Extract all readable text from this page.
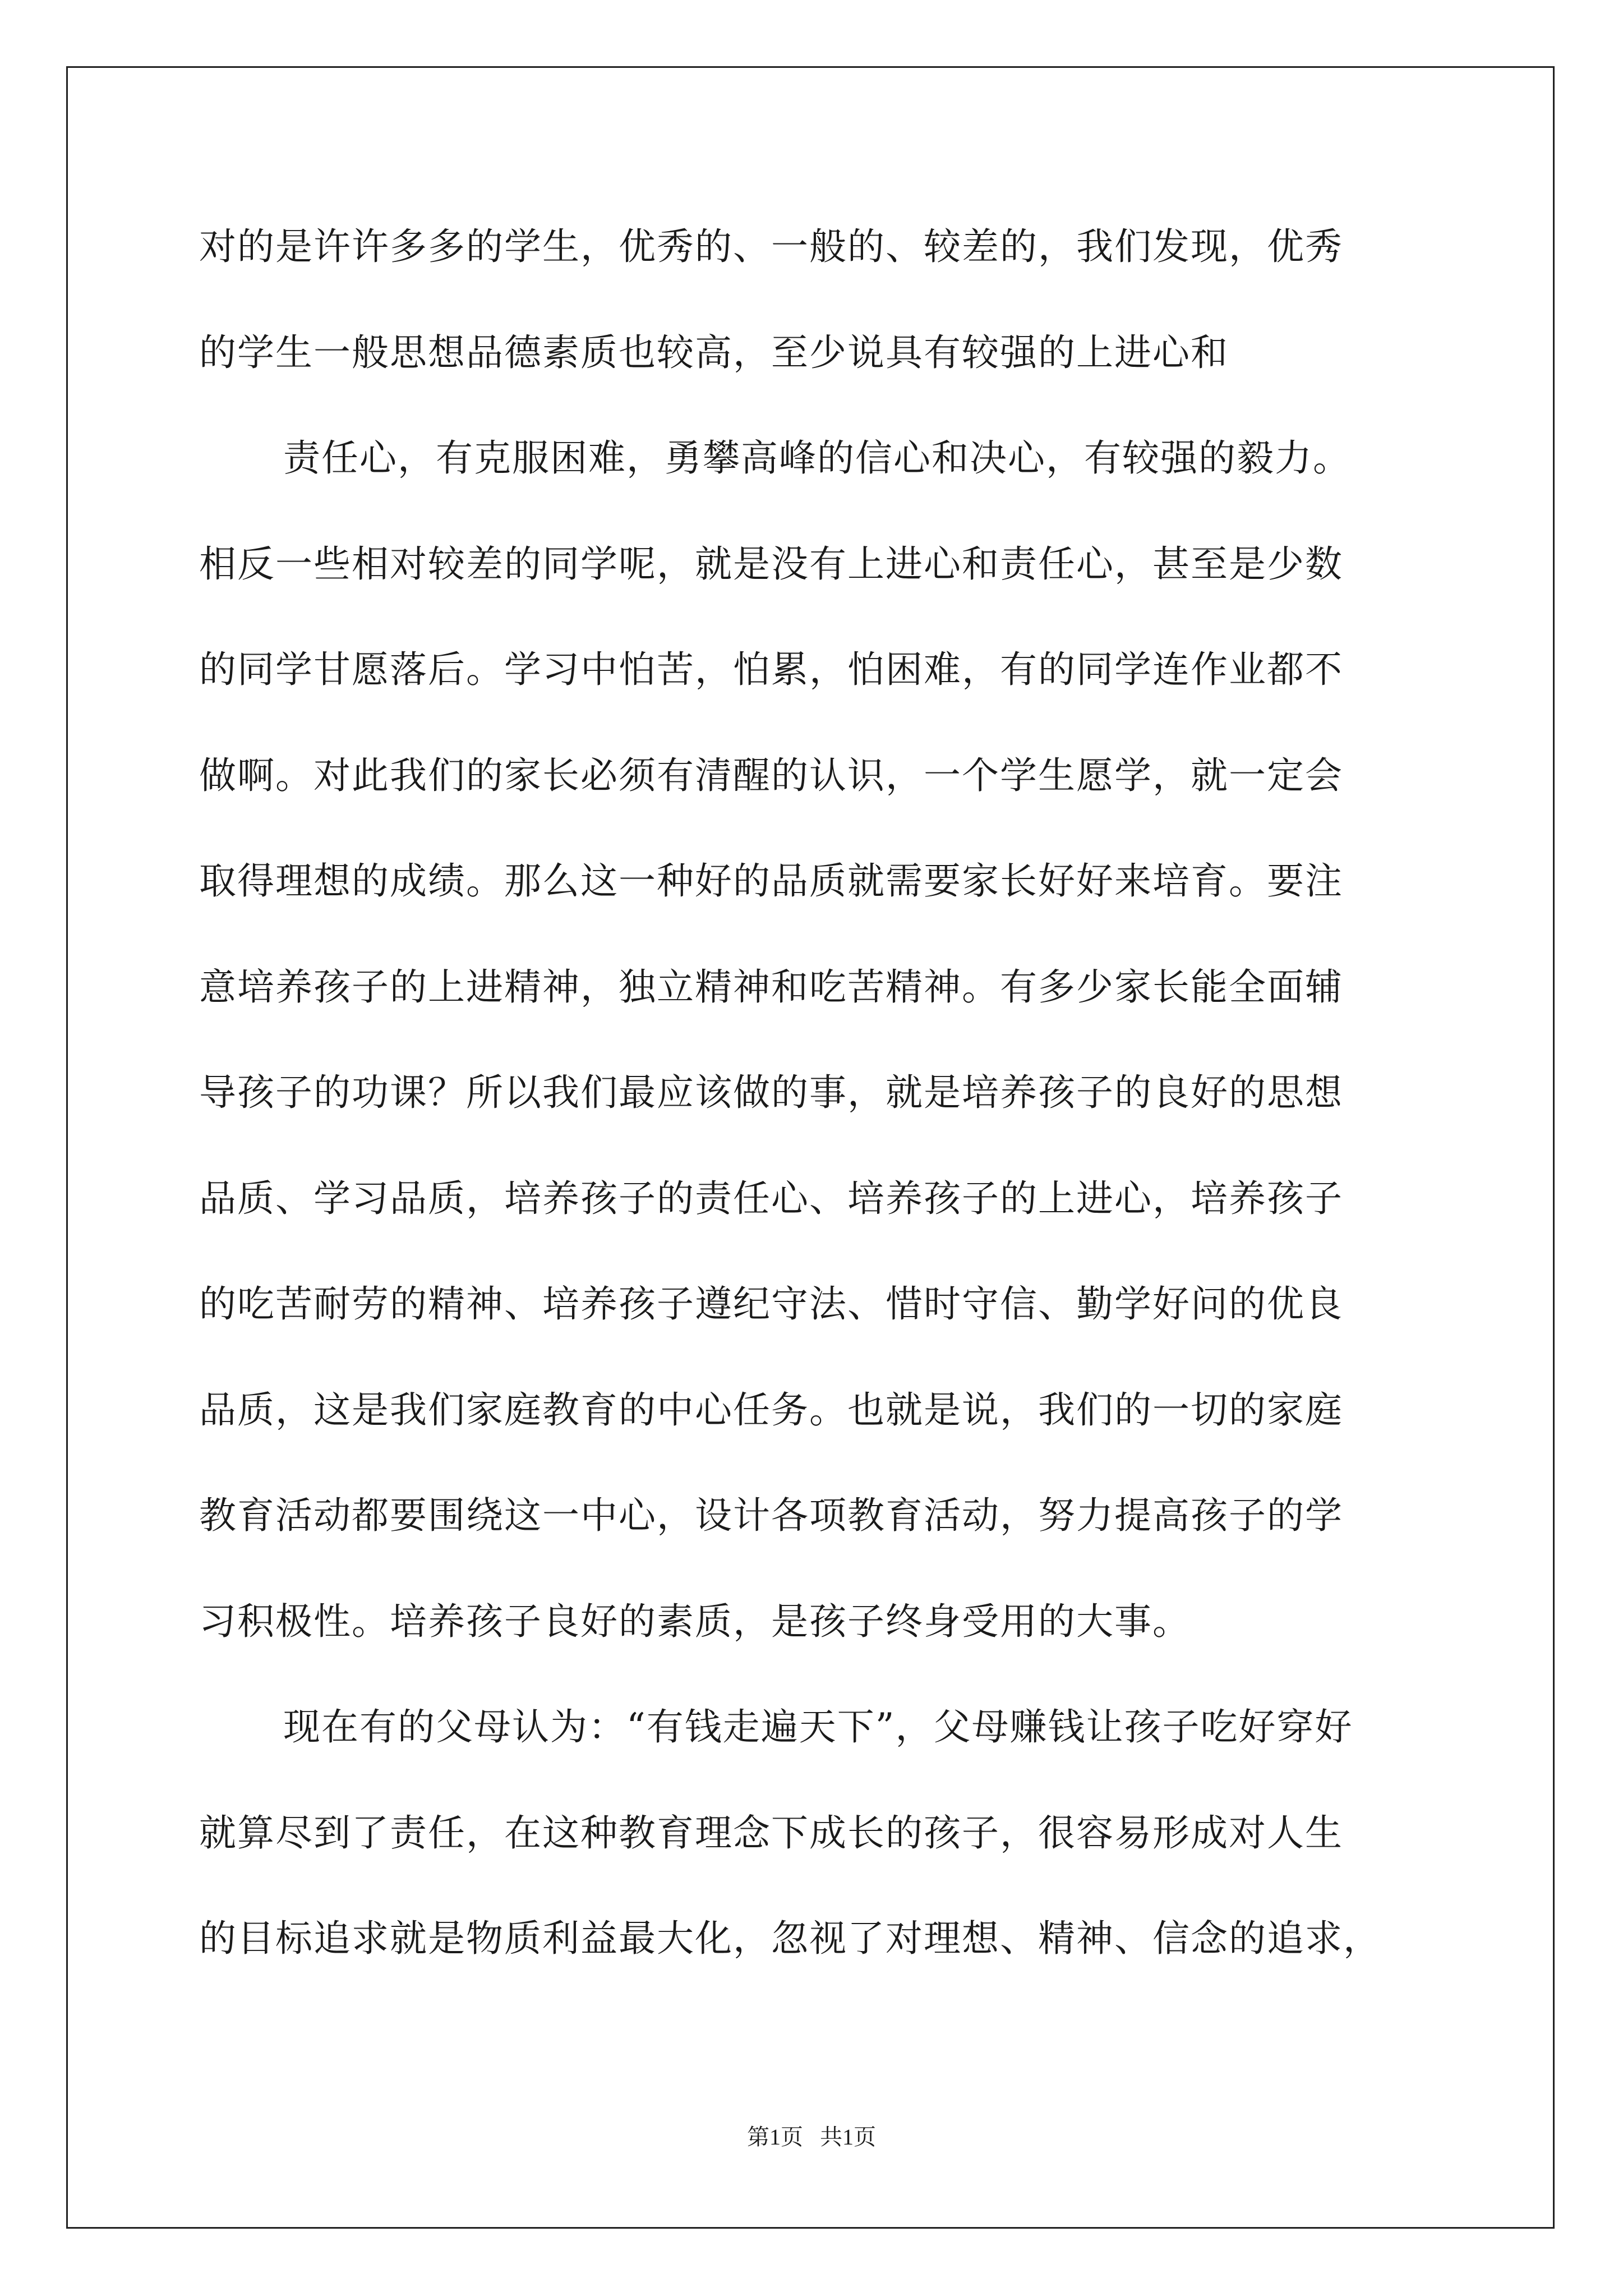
对的是许许多多的学生，优秀的、一般的、较差的，我们发现，优秀
的学生一般思想品德素质也较高，至少说具有较强的上进心和
责任心，有克服困难，勇攀高峰的信心和决心，有较强的毅力。
相反一些相对较差的同学呢，就是没有上进心和责任心，甚至是少数
的同学甘愿落后。学习中怕苦，怕累，怕困难，有的同学连作业都不
做啊。对此我们的家长必须有清醒的认识，一个学生愿学，就一定会
取得理想的成绩。那么这一种好的品质就需要家长好好来培育。要注
意培养孩子的上进精神，独立精神和吃苦精神。有多少家长能全面辅
导孩子的功课？所以我们最应该做的事，就是培养孩子的良好的思想
品质、学习品质，培养孩子的责任心、培养孩子的上进心，培养孩子
的吃苦耐劳的精神、培养孩子遵纪守法、惜时守信、勤学好问的优良
品质，这是我们家庭教育的中心任务。也就是说，我们的一切的家庭
教育活动都要围绕这一中心，设计各项教育活动，努力提高孩子的学
习积极性。培养孩子良好的素质，是孩子终身受用的大事。
现在有的父母认为：“有钱走遍天下”，父母赚钱让孩子吃好穿好
就算尽到了责任，在这种教育理念下成长的孩子，很容易形成对人生
的目标追求就是物质利益最大化，忽视了对理想、精神、信念的追求，
第1页 共1页
